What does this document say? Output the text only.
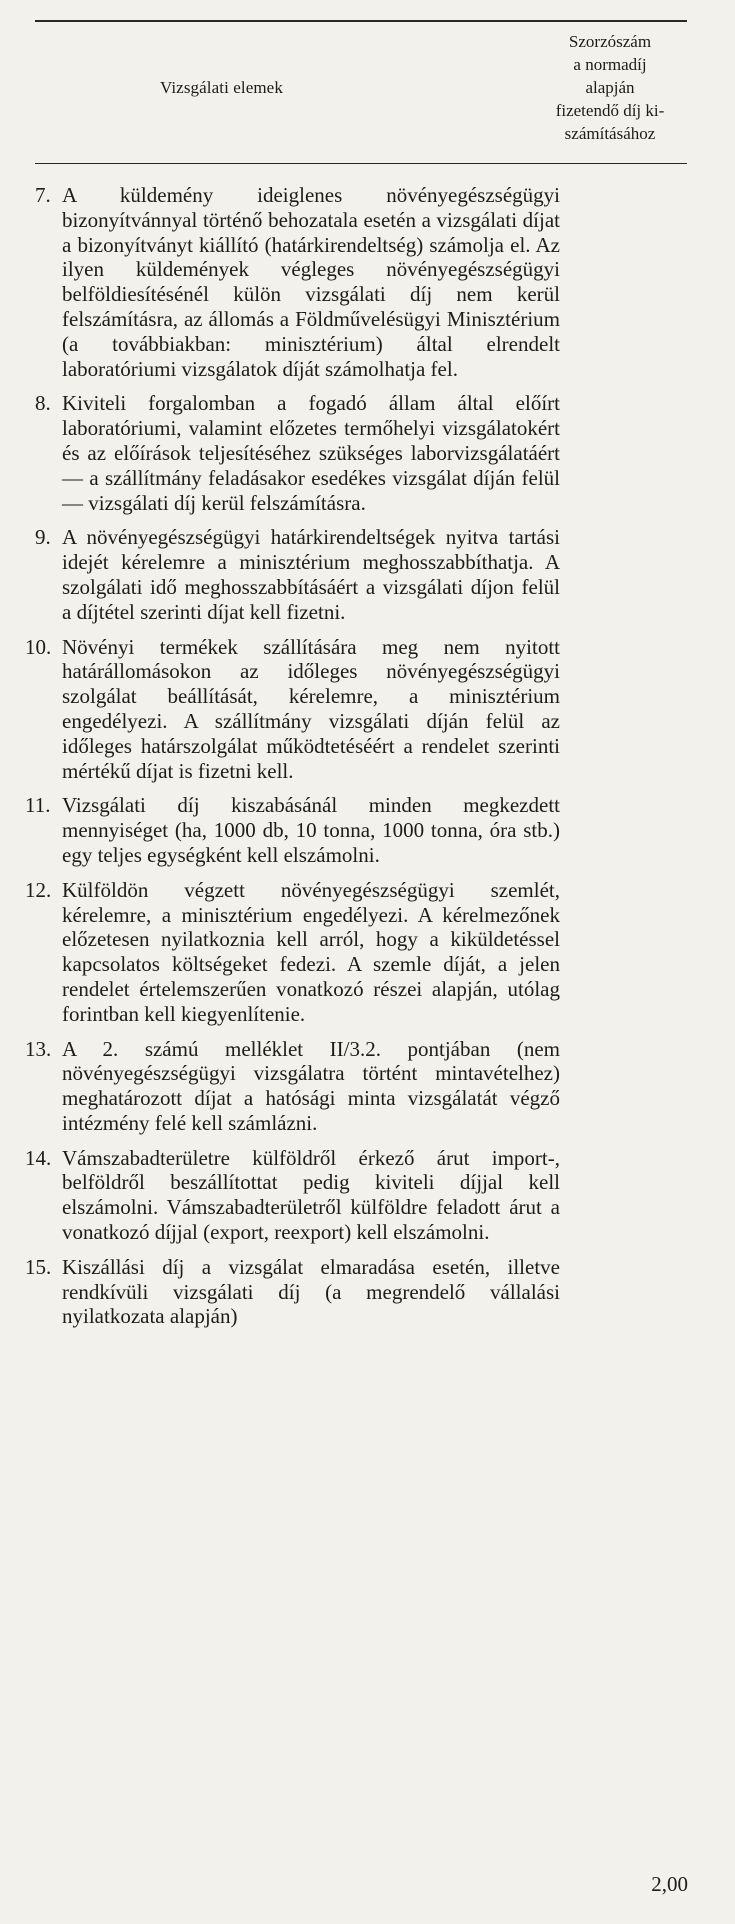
Vizsgálati elemek
Szorzószám
a normadíj
alapján
fizetendő díj ki-
számításához
7. A küldemény ideiglenes növényegészségügyi bizonyítvánnyal történő behozatala esetén a vizsgálati díjat a bizonyítványt kiállító (határkirendeltség) számolja el. Az ilyen küldemények végleges növényegészségügyi belföldiesítésénél külön vizsgálati díj nem kerül felszámításra, az állomás a Földművelésügyi Minisztérium (a továbbiakban: minisztérium) által elrendelt laboratóriumi vizsgálatok díját számolhatja fel.
8. Kiviteli forgalomban a fogadó állam által előírt laboratóriumi, valamint előzetes termőhelyi vizsgálatokért és az előírások teljesítéséhez szükséges laborvizsgálatáért — a szállítmány feladásakor esedékes vizsgálat díján felül — vizsgálati díj kerül felszámításra.
9. A növényegészségügyi határkirendeltségek nyitva tartási idejét kérelemre a minisztérium meghosszabbíthatja. A szolgálati idő meghosszabbításáért a vizsgálati díjon felül a díjtétel szerinti díjat kell fizetni.
10. Növényi termékek szállítására meg nem nyitott határállomásokon az időleges növényegészségügyi szolgálat beállítását, kérelemre, a minisztérium engedélyezi. A szállítmány vizsgálati díján felül az időleges határszolgálat működtetéséért a rendelet szerinti mértékű díjat is fizetni kell.
11. Vizsgálati díj kiszabásánál minden megkezdett mennyiséget (ha, 1000 db, 10 tonna, 1000 tonna, óra stb.) egy teljes egységként kell elszámolni.
12. Külföldön végzett növényegészségügyi szemlét, kérelemre, a minisztérium engedélyezi. A kérelmezőnek előzetesen nyilatkoznia kell arról, hogy a kiküldetéssel kapcsolatos költségeket fedezi. A szemle díját, a jelen rendelet értelemszerűen vonatkozó részei alapján, utólag forintban kell kiegyenlítenie.
13. A 2. számú melléklet II/3.2. pontjában (nem növényegészségügyi vizsgálatra történt mintavételhez) meghatározott díjat a hatósági minta vizsgálatát végző intézmény felé kell számlázni.
14. Vámszabadterületre külföldről érkező árut import-, belföldről beszállítottat pedig kiviteli díjjal kell elszámolni. Vámszabadterületről külföldre feladott árut a vonatkozó díjjal (export, reexport) kell elszámolni.
15. Kiszállási díj a vizsgálat elmaradása esetén, illetve rendkívüli vizsgálati díj (a megrendelő vállalási nyilatkozata alapján)
2,00
